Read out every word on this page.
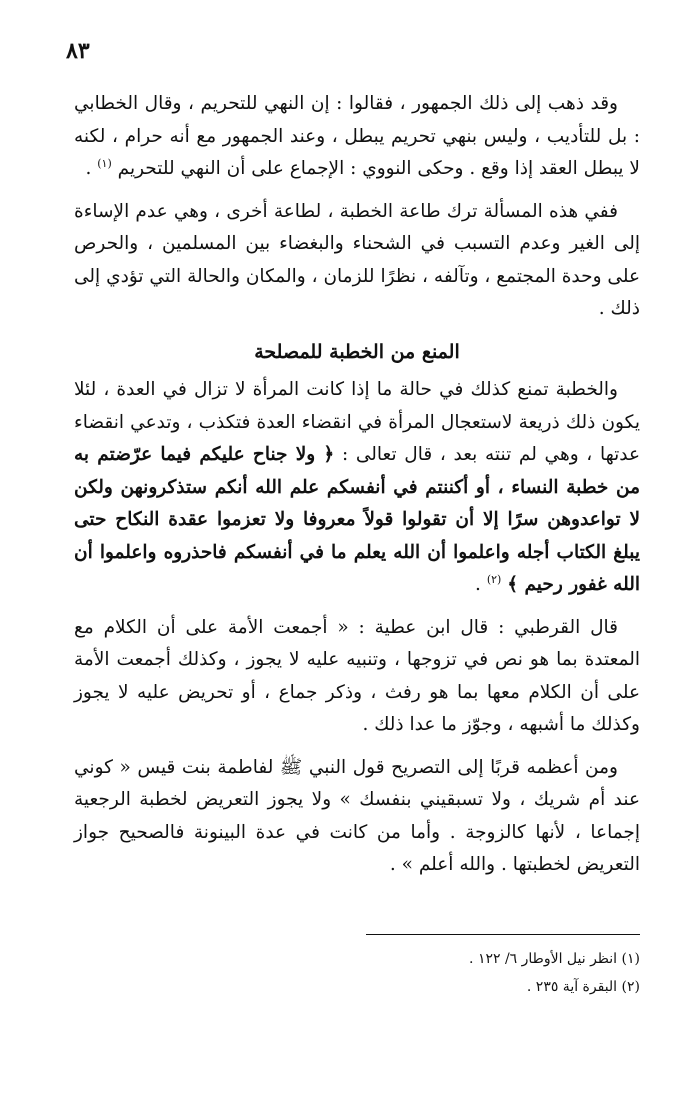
٨٣

وقد ذهب إلى ذلك الجمهور ، فقالوا : إن النهي للتحريم ، وقال الخطابي : بل للتأديب ، وليس بنهي تحريم يبطل ، وعند الجمهور مع أنه حرام ، لكنه لا يبطل العقد إذا وقع . وحكى النووي : الإجماع على أن النهي للتحريم $^{(١)}$ .

ففي هذه المسألة ترك طاعة الخطبة ، لطاعة أخرى ، وهي عدم الإساءة إلى الغير وعدم التسبب في الشحناء والبغضاء بين المسلمين ، والحرص على وحدة المجتمع ، وتآلفه ، نظرًا للزمان ، والمكان والحالة التي تؤدي إلى ذلك .

المنع من الخطبة للمصلحة

والخطبة تمنع كذلك في حالة ما إذا كانت المرأة لا تزال في العدة ، لئلا يكون ذلك ذريعة لاستعجال المرأة في انقضاء العدة فتكذب ، وتدعي انقضاء عدتها ، وهي لم تنته بعد ، قال تعالى : ﴿ ولا جناح عليكم فيما عرّضتم به من خطبة النساء ، أو أكننتم في أنفسكم علم الله أنكم ستذكرونهن ولكن لا تواعدوهن سرًا إلا أن تقولوا قولاً معروفا ولا تعزموا عقدة النكاح حتى يبلغ الكتاب أجله واعلموا أن الله يعلم ما في أنفسكم فاحذروه واعلموا أن الله غفور رحيم ﴾ $^{(٢)}$ .

قال القرطبي : قال ابن عطية : « أجمعت الأمة على أن الكلام مع المعتدة بما هو نص في تزوجها ، وتنبيه عليه لا يجوز ، وكذلك أجمعت الأمة على أن الكلام معها بما هو رفث ، وذكر جماع ، أو تحريض عليه لا يجوز وكذلك ما أشبهه ، وجوّز ما عدا ذلك .

ومن أعظمه قربًا إلى التصريح قول النبي ﷺ لفاطمة بنت قيس « كوني عند أم شريك ، ولا تسبقيني بنفسك » ولا يجوز التعريض لخطبة الرجعية إجماعا ، لأنها كالزوجة . وأما من كانت في عدة البينونة فالصحيح جواز التعريض لخطبتها . والله أعلم » .

(١) انظر نيل الأوطار ٦/ ١٢٢ .
(٢) البقرة آية ٢٣٥ .
